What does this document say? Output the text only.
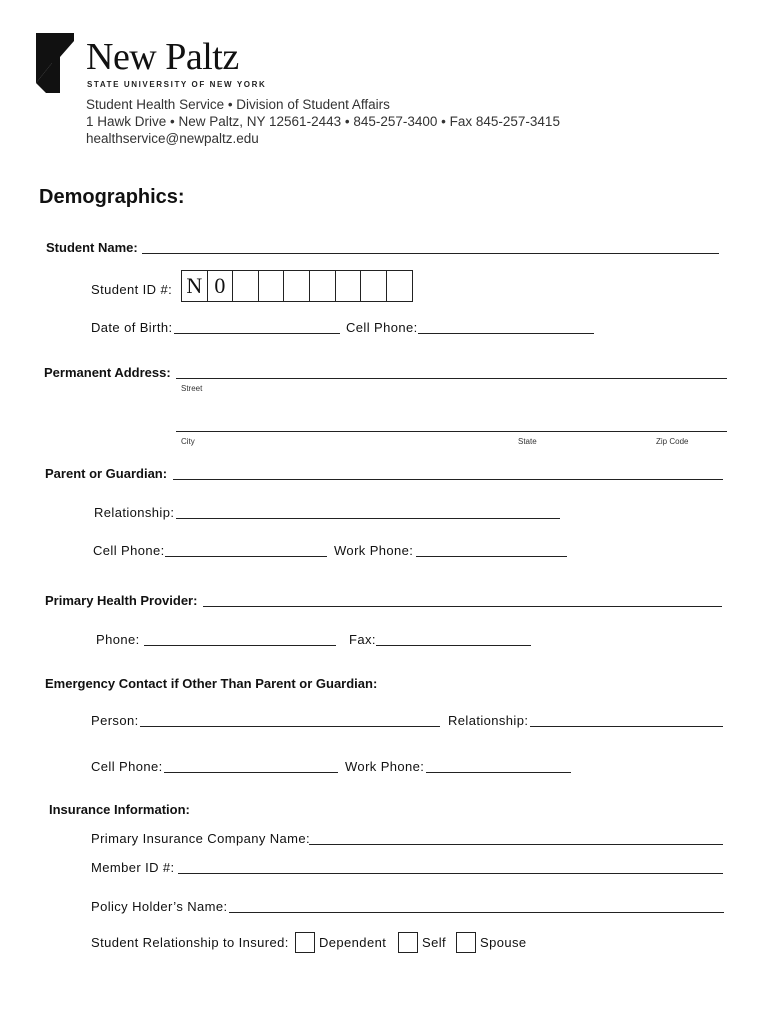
New Paltz
STATE UNIVERSITY OF NEW YORK
Student Health Service • Division of Student Affairs
1 Hawk Drive • New Paltz, NY 12561-2443 • 845-257-3400 • Fax 845-257-3415
healthservice@newpaltz.edu
Demographics:
Student Name:
Student ID #: N 0
Date of Birth:	Cell Phone:
Permanent Address:
Street
City	State	Zip Code
Parent or Guardian:
Relationship:
Cell Phone:	Work Phone:
Primary Health Provider:
Phone:	Fax:
Emergency Contact if Other Than Parent or Guardian:
Person:	Relationship:
Cell Phone:	Work Phone:
Insurance Information:
Primary Insurance Company Name:
Member ID #:
Policy Holder’s Name:
Student Relationship to Insured: Dependent	Self	Spouse
